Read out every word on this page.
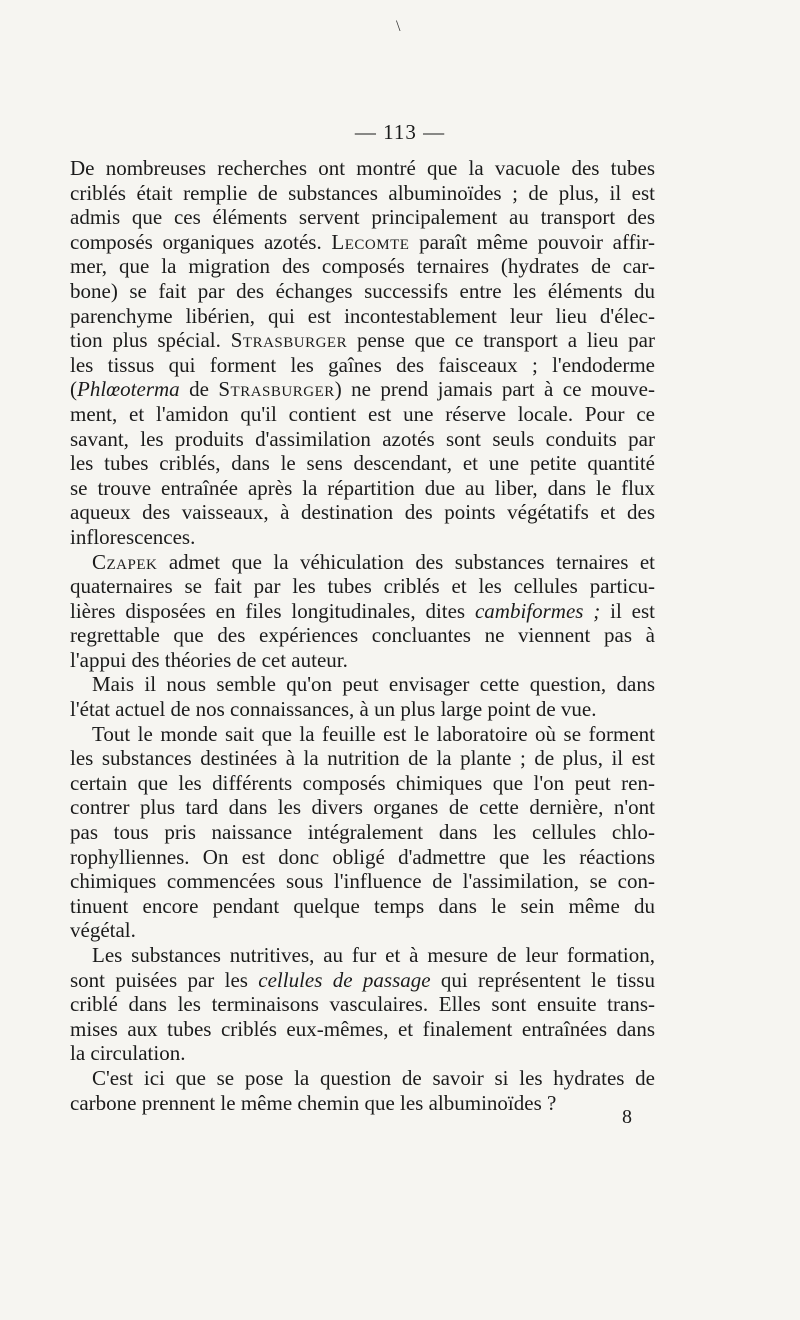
\
— 113 —
De nombreuses recherches ont montré que la vacuole des tubes
criblés était remplie de substances albuminoïdes ; de plus, il est
admis que ces éléments servent principalement au transport des
composés organiques azotés. Lecomte paraît même pouvoir affir-
mer, que la migration des composés ternaires (hydrates de car-
bone) se fait par des échanges successifs entre les éléments du
parenchyme libérien, qui est incontestablement leur lieu d'élec-
tion plus spécial. Strasburger pense que ce transport a lieu par
les tissus qui forment les gaînes des faisceaux ; l'endoderme
(Phlœoterma de Strasburger) ne prend jamais part à ce mouve-
ment, et l'amidon qu'il contient est une réserve locale. Pour ce
savant, les produits d'assimilation azotés sont seuls conduits par
les tubes criblés, dans le sens descendant, et une petite quantité
se trouve entraînée après la répartition due au liber, dans le flux
aqueux des vaisseaux, à destination des points végétatifs et des
inflorescences.
Czapek admet que la véhiculation des substances ternaires et
quaternaires se fait par les tubes criblés et les cellules particu-
lières disposées en files longitudinales, dites cambiformes ; il est
regrettable que des expériences concluantes ne viennent pas à
l'appui des théories de cet auteur.
Mais il nous semble qu'on peut envisager cette question, dans
l'état actuel de nos connaissances, à un plus large point de vue.
Tout le monde sait que la feuille est le laboratoire où se forment
les substances destinées à la nutrition de la plante ; de plus, il est
certain que les différents composés chimiques que l'on peut ren-
contrer plus tard dans les divers organes de cette dernière, n'ont
pas tous pris naissance intégralement dans les cellules chlo-
rophylliennes. On est donc obligé d'admettre que les réactions
chimiques commencées sous l'influence de l'assimilation, se con-
tinuent encore pendant quelque temps dans le sein même du
végétal.
Les substances nutritives, au fur et à mesure de leur formation,
sont puisées par les cellules de passage qui représentent le tissu
criblé dans les terminaisons vasculaires. Elles sont ensuite trans-
mises aux tubes criblés eux-mêmes, et finalement entraînées dans
la circulation.
C'est ici que se pose la question de savoir si les hydrates de
carbone prennent le même chemin que les albuminoïdes ?
8
